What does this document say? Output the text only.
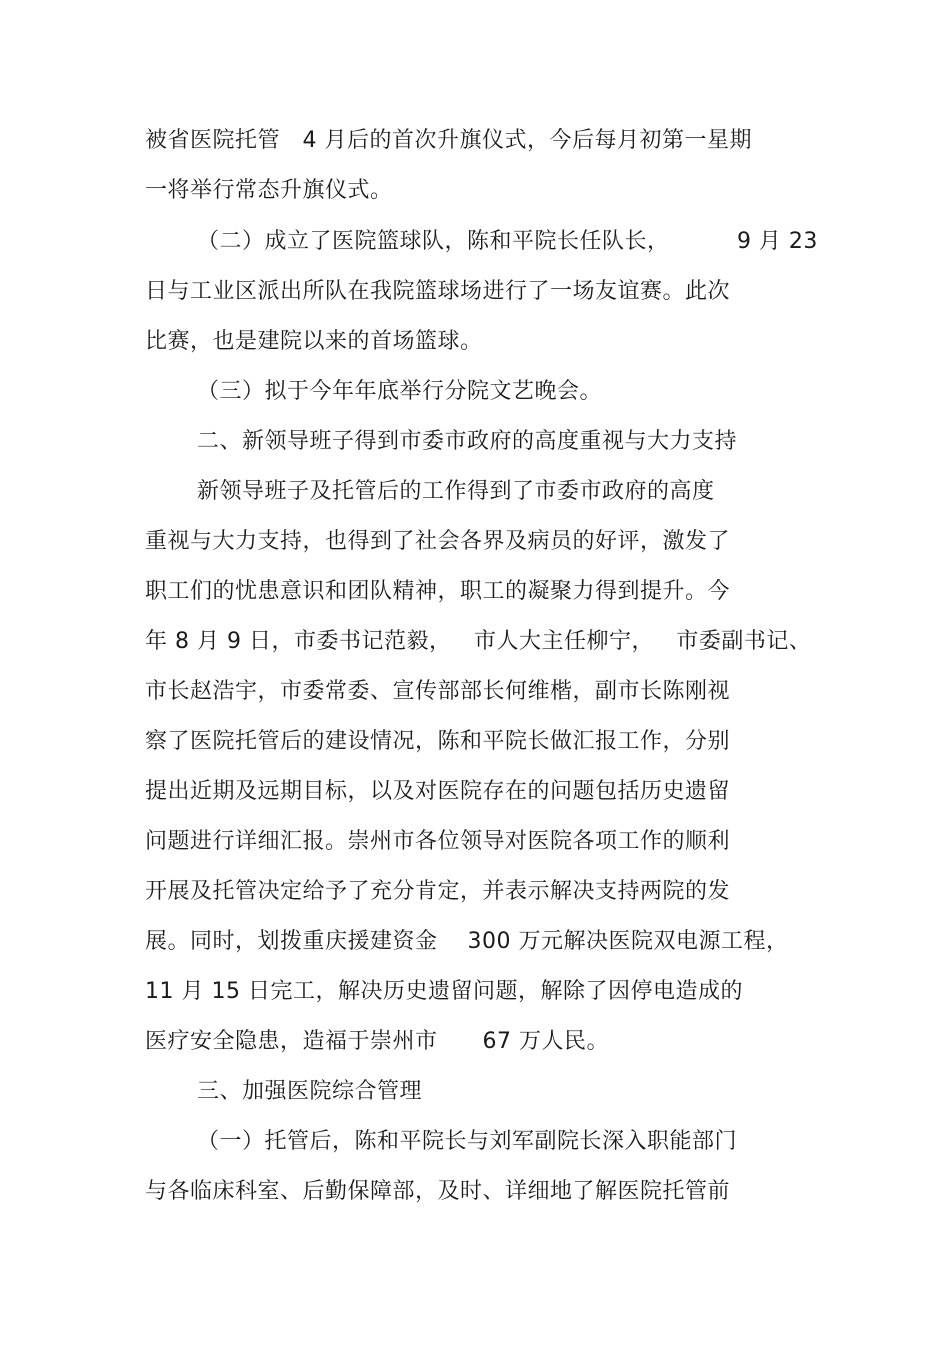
被省医院托管   4 月后的首次升旗仪式，今后每月初第一星期
一将举行常态升旗仪式。
（二）成立了医院篮球队，陈和平院长任队长，         9 月 23
日与工业区派出所队在我院篮球场进行了一场友谊赛。此次
比赛，也是建院以来的首场篮球。
（三）拟于今年年底举行分院文艺晚会。
二、新领导班子得到市委市政府的高度重视与大力支持
新领导班子及托管后的工作得到了市委市政府的高度
重视与大力支持，也得到了社会各界及病员的好评，激发了
职工们的忧患意识和团队精神，职工的凝聚力得到提升。今
年 8 月 9 日，市委书记范毅，   市人大主任柳宁，   市委副书记、
市长赵浩宇，市委常委、宣传部部长何维楷，副市长陈刚视
察了医院托管后的建设情况，陈和平院长做汇报工作，分别
提出近期及远期目标，以及对医院存在的问题包括历史遗留
问题进行详细汇报。崇州市各位领导对医院各项工作的顺利
开展及托管决定给予了充分肯定，并表示解决支持两院的发
展。同时，划拨重庆援建资金    300 万元解决医院双电源工程，
11 月 15 日完工，解决历史遗留问题，解除了因停电造成的
医疗安全隐患，造福于崇州市      67 万人民。
三、加强医院综合管理
（一）托管后，陈和平院长与刘军副院长深入职能部门
与各临床科室、后勤保障部，及时、详细地了解医院托管前
